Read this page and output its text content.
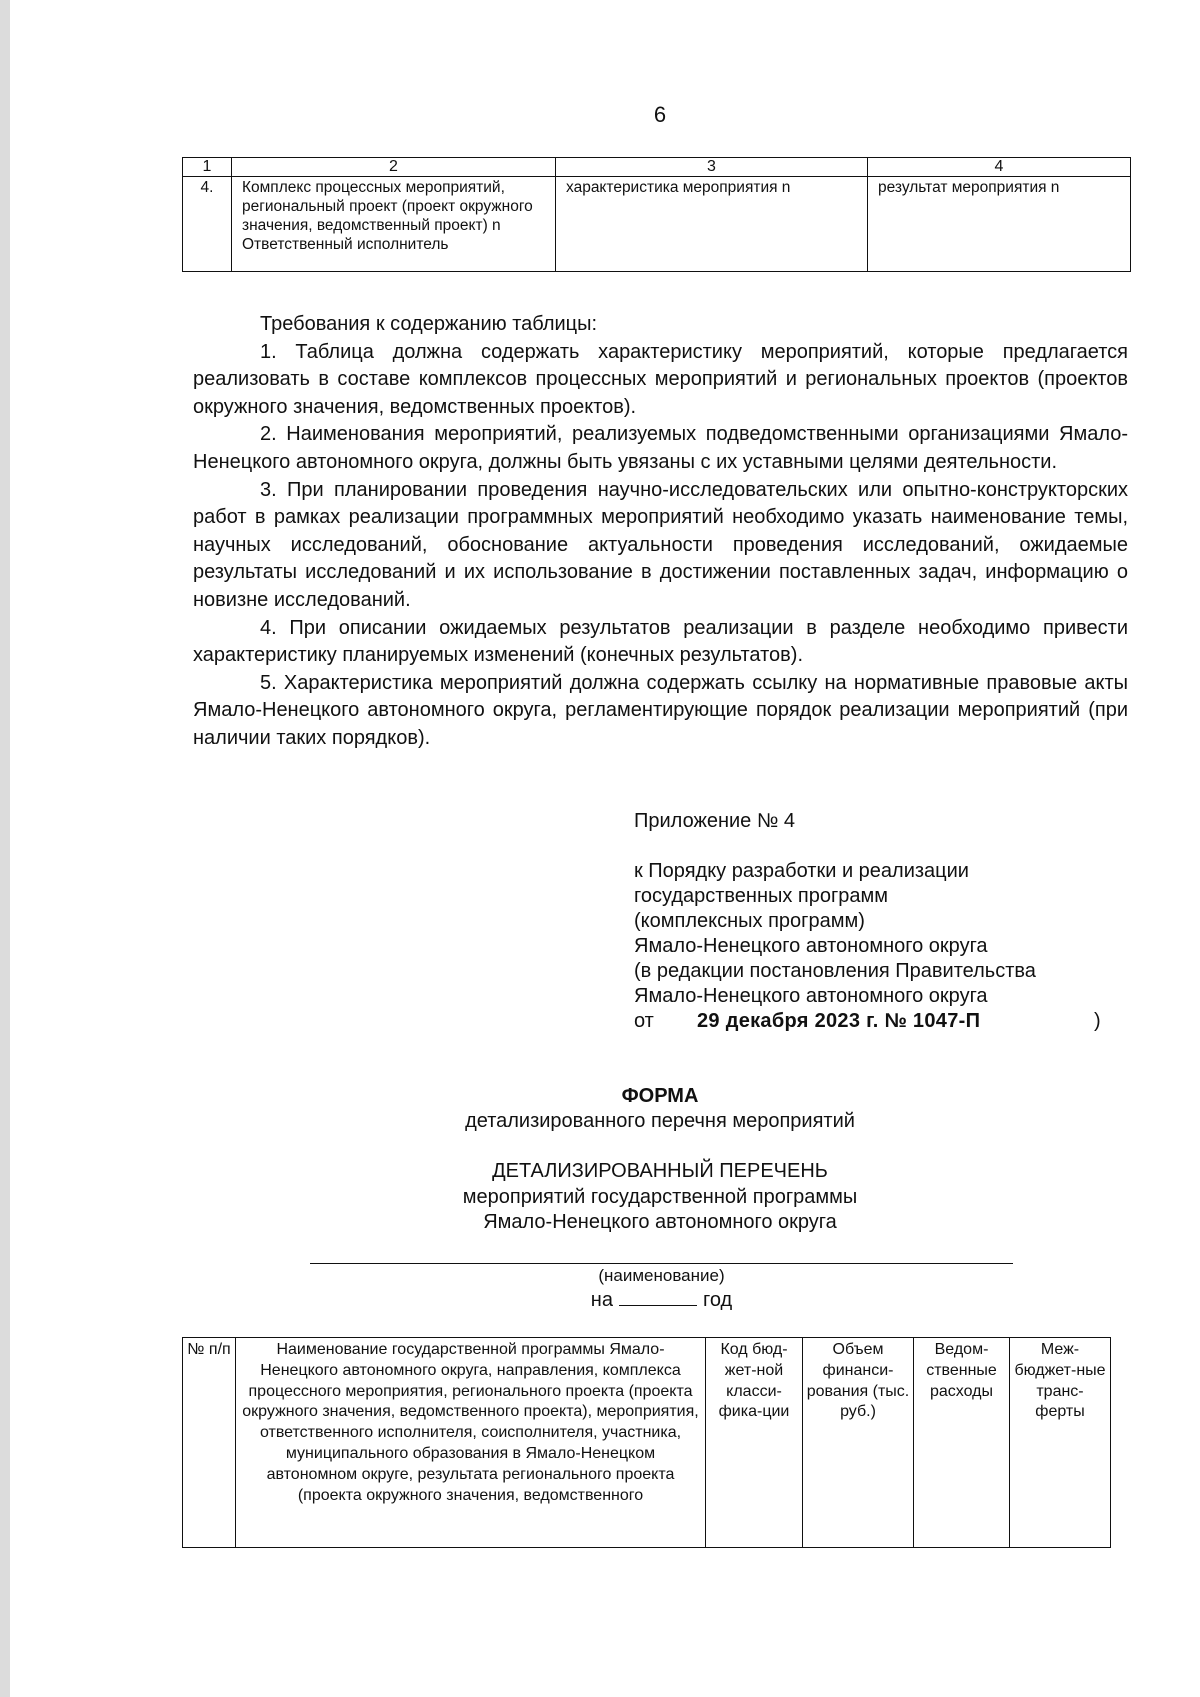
6
1	2	3	4
4.	Комплекс процессных мероприятий, региональный проект (проект окружного значения, ведомственный проект) n Ответственный исполнитель	характеристика мероприятия n	результат мероприятия n

Требования к содержанию таблицы:

1. Таблица должна содержать характеристику мероприятий, которые предлагается реализовать в составе комплексов процессных мероприятий и региональных проектов (проектов окружного значения, ведомственных проектов).

2. Наименования мероприятий, реализуемых подведомственными организациями Ямало-Ненецкого автономного округа, должны быть увязаны с их уставными целями деятельности.

3. При планировании проведения научно-исследовательских или опытно-конструкторских работ в рамках реализации программных мероприятий необходимо указать наименование темы, научных исследований, обоснование актуальности проведения исследований, ожидаемые результаты исследований и их использование в достижении поставленных задач, информацию о новизне исследований.

4. При описании ожидаемых результатов реализации в разделе необходимо привести характеристику планируемых изменений (конечных результатов).

5. Характеристика мероприятий должна содержать ссылку на нормативные правовые акты Ямало-Ненецкого автономного округа, регламентирующие порядок реализации мероприятий (при наличии таких порядков).

Приложение № 4
к Порядку разработки и реализации
государственных программ
(комплексных программ)
Ямало-Ненецкого автономного округа
(в редакции постановления Правительства
Ямало-Ненецкого автономного округа
от 29 декабря 2023 г. № 1047-П	)
ФОРМА
детализированного перечня мероприятий
ДЕТАЛИЗИРОВАННЫЙ ПЕРЕЧЕНЬ
мероприятий государственной программы
Ямало-Ненецкого автономного округа
(наименование)
на	год
№ п/п	Наименование государственной программы Ямало-Ненецкого автономного округа, направления, комплекса процессного мероприятия, регионального проекта (проекта окружного значения, ведомственного проекта), мероприятия, ответственного исполнителя, соисполнителя, участника, муниципального образования в Ямало-Ненецком автономном округе, результата регионального проекта (проекта окружного значения, ведомственного	Код бюд-жет-ной класси-фика-ции	Объем финанси-рования (тыс. руб.)	Ведом-ственные расходы	Меж-бюджет-ные транс-ферты
